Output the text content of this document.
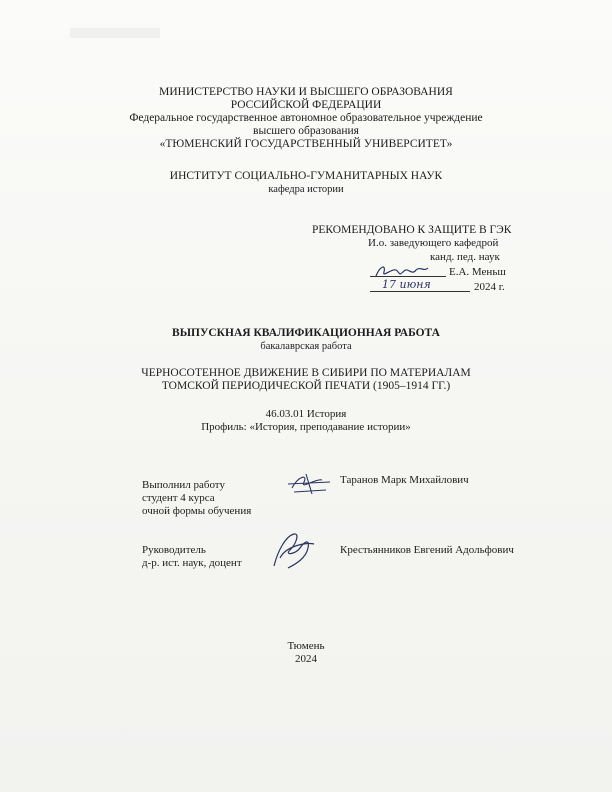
МИНИСТЕРСТВО НАУКИ И ВЫСШЕГО ОБРАЗОВАНИЯ
РОССИЙСКОЙ ФЕДЕРАЦИИ
Федеральное государственное автономное образовательное учреждение
высшего образования
«ТЮМЕНСКИЙ ГОСУДАРСТВЕННЫЙ УНИВЕРСИТЕТ»
ИНСТИТУТ СОЦИАЛЬНО-ГУМАНИТАРНЫХ НАУК
кафедра истории
РЕКОМЕНДОВАНО К ЗАЩИТЕ В ГЭК
И.о. заведующего кафедрой
канд. пед. наук
Е.А. Меньш
17 июня	2024 г.
ВЫПУСКНАЯ КВАЛИФИКАЦИОННАЯ РАБОТА
бакалаврская работа
ЧЕРНОСОТЕННОЕ ДВИЖЕНИЕ В СИБИРИ ПО МАТЕРИАЛАМ
ТОМСКОЙ ПЕРИОДИЧЕСКОЙ ПЕЧАТИ (1905–1914 ГГ.)
46.03.01 История
Профиль: «История, преподавание истории»
Выполнил работу
студент 4 курса
очной формы обучения
Таранов Марк Михайлович
Руководитель
д-р. ист. наук, доцент
Крестьянников Евгений Адольфович
Тюмень
2024
